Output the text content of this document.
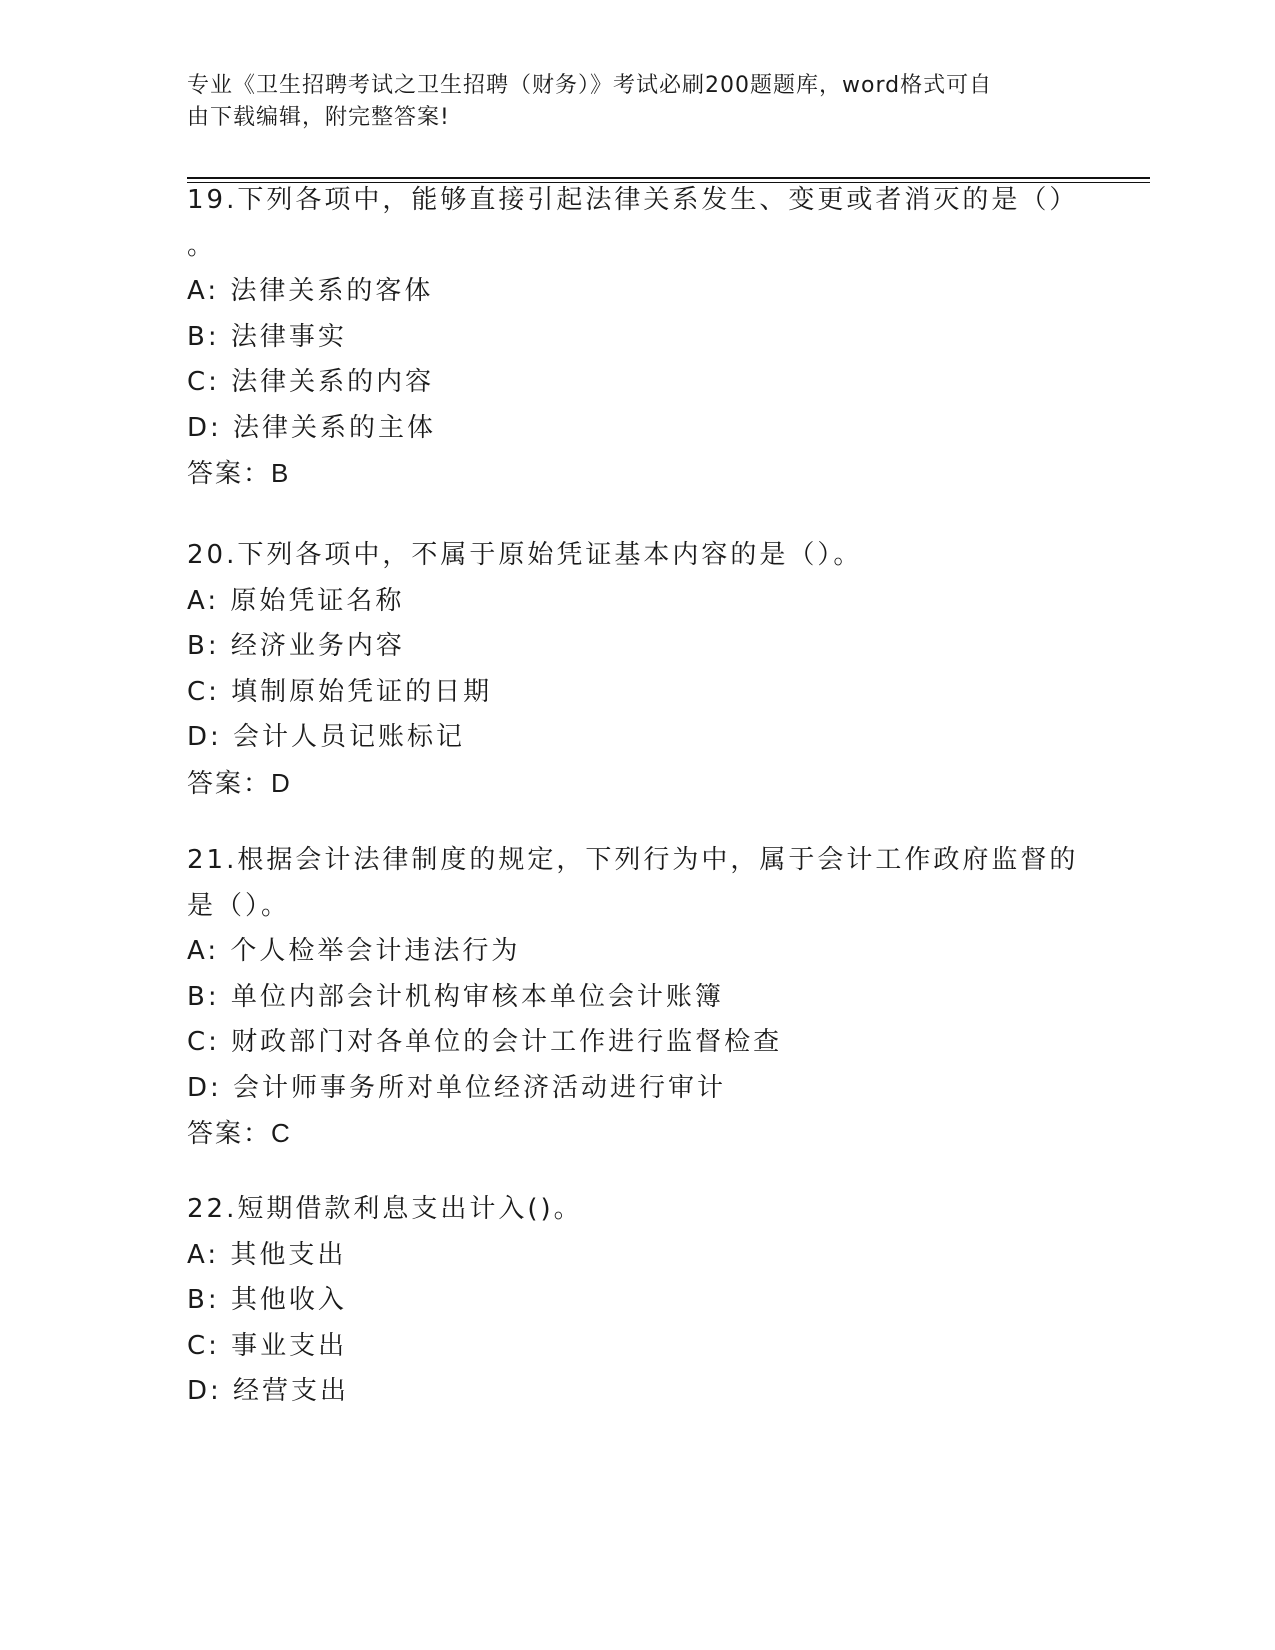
专业《卫生招聘考试之卫生招聘（财务）》考试必刷200题题库，word格式可自
由下载编辑，附完整答案!
19.下列各项中，能够直接引起法律关系发生、变更或者消灭的是（）
。
A: 法律关系的客体
B: 法律事实
C: 法律关系的内容
D: 法律关系的主体
答案：B
20.下列各项中，不属于原始凭证基本内容的是（）。
A: 原始凭证名称
B: 经济业务内容
C: 填制原始凭证的日期
D: 会计人员记账标记
答案：D
21.根据会计法律制度的规定，下列行为中，属于会计工作政府监督的
是（）。
A: 个人检举会计违法行为
B: 单位内部会计机构审核本单位会计账簿
C: 财政部门对各单位的会计工作进行监督检查
D: 会计师事务所对单位经济活动进行审计
答案：C
22.短期借款利息支出计入()。
A: 其他支出
B: 其他收入
C: 事业支出
D: 经营支出
